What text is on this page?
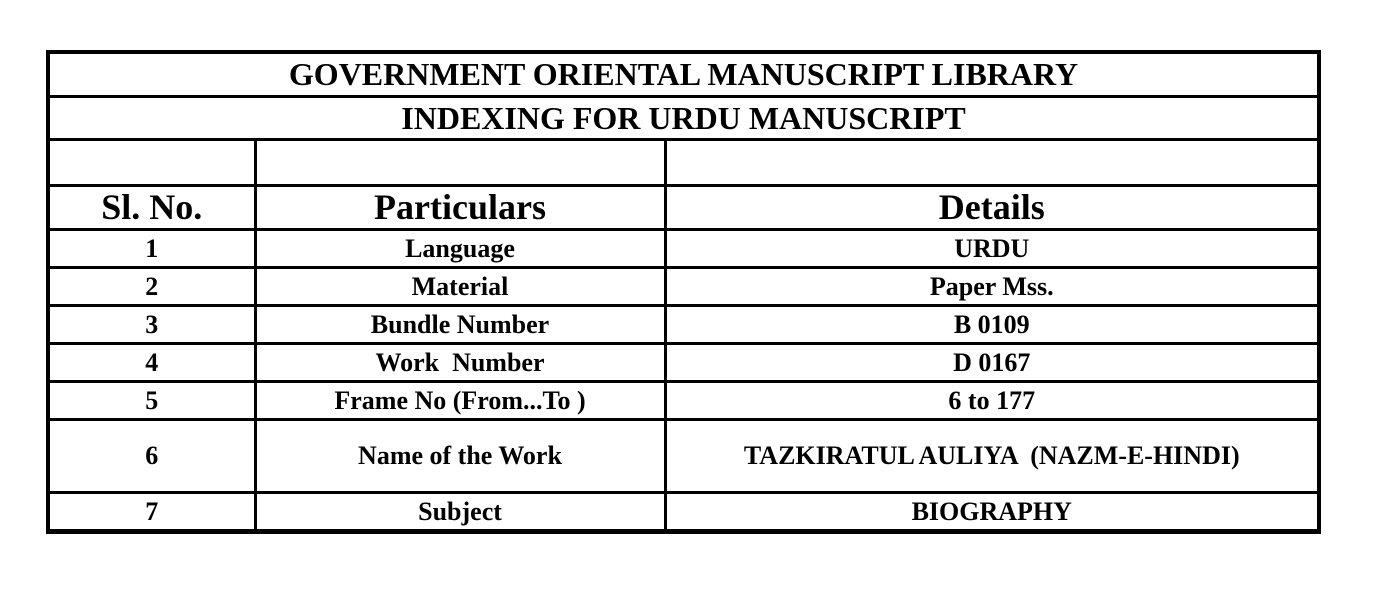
GOVERNMENT ORIENTAL MANUSCRIPT LIBRARY		
INDEXING FOR URDU MANUSCRIPT		

Sl. No.	Particulars	Details
1	Language	URDU
2	Material	Paper Mss.
3	Bundle Number	B 0109
4	Work  Number	D 0167
5	Frame No (From...To )	6 to 177
6	Name of the Work	TAZKIRATUL AULIYA  (NAZM-E-HINDI)
7	Subject	BIOGRAPHY
